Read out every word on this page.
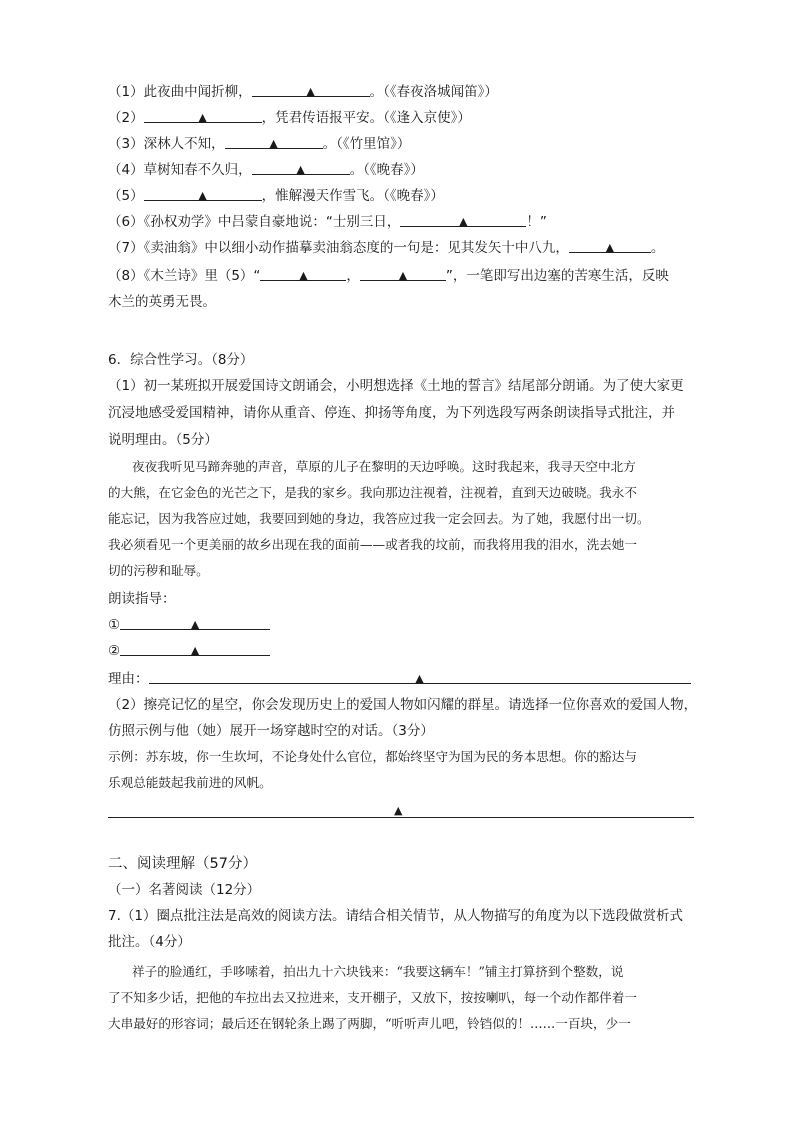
（1）此夜曲中闻折柳，	▲	。（《春夜洛城闻笛》）
（2）	▲	，凭君传语报平安。（《逢入京使》）
（3）深林人不知，	▲	。（《竹里馆》）
（4）草树知春不久归，	▲	。（《晚春》）
（5）	▲	，惟解漫天作雪飞。（《晚春》）
（6）《孙权劝学》中吕蒙自豪地说：“士别三日，	▲	！”
（7）《卖油翁》中以细小动作描摹卖油翁态度的一句是：见其发矢十中八九，	▲	。
（8）《木兰诗》里（5）“	▲	，	▲	”，一笔即写出边塞的苦寒生活，反映
木兰的英勇无畏。
6．综合性学习。（8分）
（1）初一某班拟开展爱国诗文朗诵会，小明想选择《土地的誓言》结尾部分朗诵。为了使大家更
沉浸地感受爱国精神，请你从重音、停连、抑扬等角度，为下列选段写两条朗读指导式批注，并
说明理由。（5分）
夜夜我听见马蹄奔驰的声音，草原的儿子在黎明的天边呼唤。这时我起来，我寻天空中北方
的大熊，在它金色的光芒之下，是我的家乡。我向那边注视着，注视着，直到天边破晓。我永不
能忘记，因为我答应过她，我要回到她的身边，我答应过我一定会回去。为了她，我愿付出一切。
我必须看见一个更美丽的故乡出现在我的面前——或者我的坟前，而我将用我的泪水，洗去她一
切的污秽和耻辱。
朗读指导：
①	▲
②	▲
理由：	▲
（2）擦亮记忆的星空，你会发现历史上的爱国人物如闪耀的群星。请选择一位你喜欢的爱国人物，
仿照示例与他（她）展开一场穿越时空的对话。（3分）
示例：苏东坡，你一生坎坷，不论身处什么官位，都始终坚守为国为民的务本思想。你的豁达与
乐观总能鼓起我前进的风帆。
▲
二、阅读理解（57分）
（一）名著阅读（12分）
7.（1）圈点批注法是高效的阅读方法。请结合相关情节，从人物描写的角度为以下选段做赏析式
批注。（4分）
祥子的脸通红，手哆嗦着，拍出九十六块钱来：“我要这辆车！”铺主打算挤到个整数，说
了不知多少话，把他的车拉出去又拉进来，支开棚子，又放下，按按喇叭，每一个动作都伴着一
大串最好的形容词；最后还在钢轮条上踢了两脚，“听听声儿吧，铃铛似的！……一百块，少一
